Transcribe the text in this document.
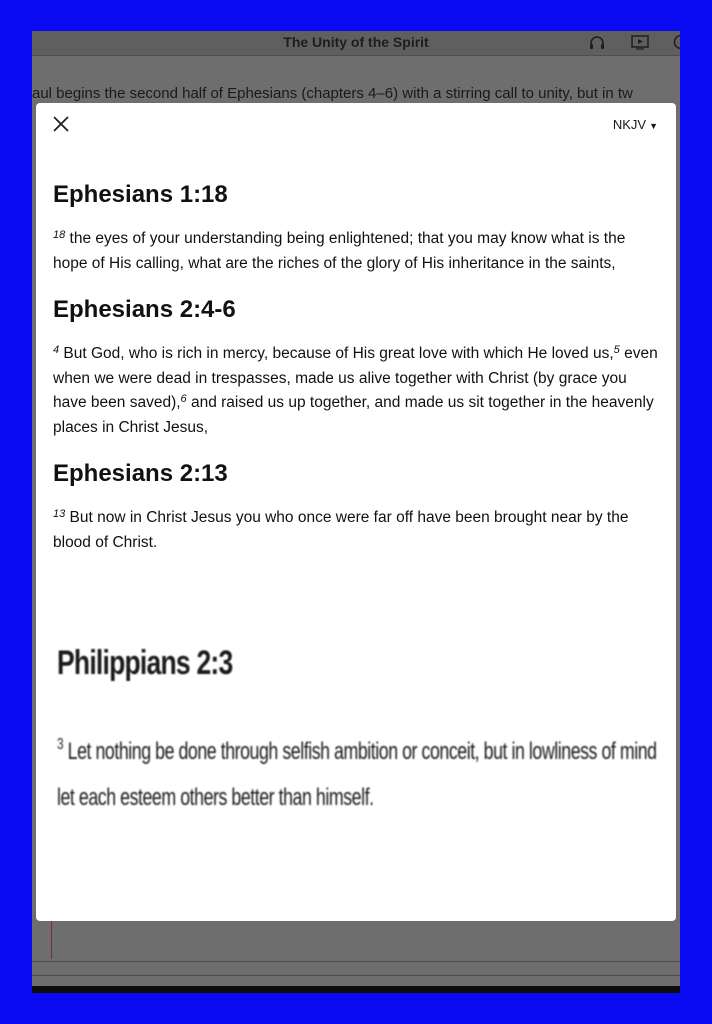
The Unity of the Spirit
aul begins the second half of Ephesians (chapters 4–6) with a stirring call to unity, but in tw
NKJV ▼
Ephesians 1:18

$^{18}$ the eyes of your understanding being enlightened; that you may know what is the hope of His calling, what are the riches of the glory of His inheritance in the saints,

Ephesians 2:4-6

$^4$ But God, who is rich in mercy, because of His great love with which He loved us,$^5$ even when we were dead in trespasses, made us alive together with Christ (by grace you have been saved),$^6$ and raised us up together, and made us sit together in the heavenly places in Christ Jesus,

Ephesians 2:13

$^{13}$ But now in Christ Jesus you who once were far off have been brought near by the blood of Christ.

Philippians 2:3

$^3$ Let nothing be done through selfish ambition or conceit, but in lowliness of mind let each esteem others better than himself.
